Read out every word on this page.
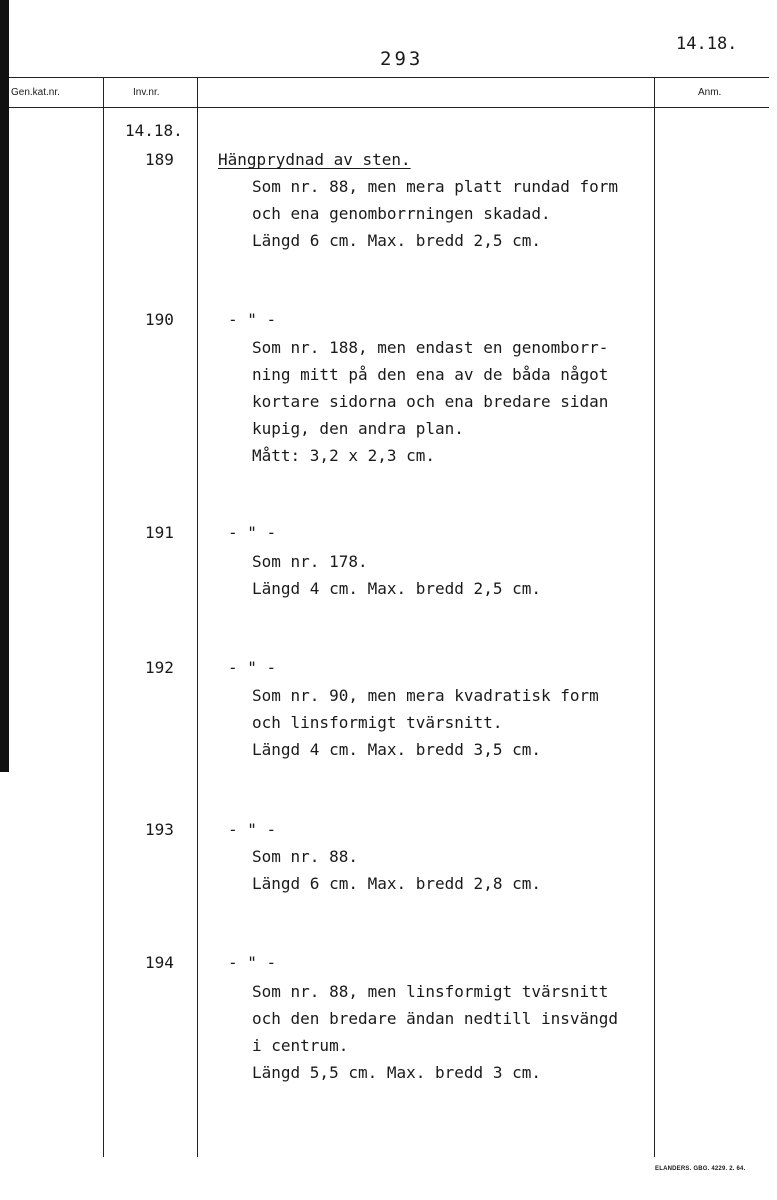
293
14.18.
Gen.kat.nr.	Inv.nr.	Anm.
14.18.
189	Hängprydnad av sten.
Som nr. 88, men mera platt rundad form
och ena genomborrningen skadad.
Längd 6 cm. Max. bredd 2,5 cm.
190	- " -
Som nr. 188, men endast en genomborr-
ning mitt på den ena av de båda något
kortare sidorna och ena bredare sidan
kupig, den andra plan.
Mått: 3,2 x 2,3 cm.
191	- " -
Som nr. 178.
Längd 4 cm. Max. bredd 2,5 cm.
192	- " -
Som nr. 90, men mera kvadratisk form
och linsformigt tvärsnitt.
Längd 4 cm. Max. bredd 3,5 cm.
193	- " -
Som nr. 88.
Längd 6 cm. Max. bredd 2,8 cm.
194	- " -
Som nr. 88, men linsformigt tvärsnitt
och den bredare ändan nedtill insvängd
i centrum.
Längd 5,5 cm. Max. bredd 3 cm.
ELANDERS. GBG. 4229. 2. 64.
